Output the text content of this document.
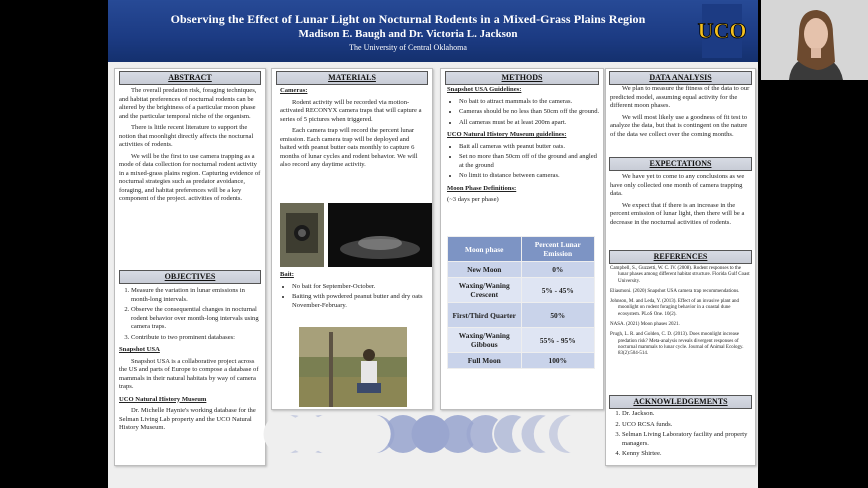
Observing the Effect of Lunar Light on Nocturnal Rodents in a Mixed-Grass Plains Region
Madison E. Baugh and Dr. Victoria L. Jackson
The University of Central Oklahoma
UCO
ABSTRACT

The overall predation risk, foraging techniques, and habitat preferences of nocturnal rodents can be altered by the brightness of a particular moon phase and the particular temporal niche of the organism.

There is little recent literature to support the notion that moonlight directly affects the nocturnal activities of rodents.

We will be the first to use camera trapping as a mode of data collection for nocturnal rodent activity in a mixed-grass plains region. Capturing evidence of nocturnal strategies such as predator avoidance, foraging, and habitat preferences will be a key component of the project. activities of rodents.

OBJECTIVES
1. Measure the variation in lunar emissions in month-long intervals.
2. Observe the consequential changes in nocturnal rodent behavior over month-long intervals using camera traps.
3. Contribute to two prominent databases:
Snapshot USA

Snapshot USA is a collaborative project across the US and parts of Europe to compose a database of mammals in their natural habitats by way of camera traps.

UCO Natural History Museum

Dr. Michelle Haynie's working database for the Selman Living Lab property and the UCO Natural History Museum.

MATERIALS
Cameras:

Rodent activity will be recorded via motion-activated RECONYX camera traps that will capture a series of 5 pictures when triggered.

Each camera trap will record the percent lunar emission. Each camera trap will be deployed and baited with peanut butter oats monthly to capture 6 months of lunar cycles and rodent behavior. We will also record any daytime activity.

Bait:
• No bait for September-October.
• Baiting with powdered peanut butter and dry oats November-February.
METHODS
Snapshot USA Guidelines:
• No bait to attract mammals to the cameras.
• Cameras should be no less than 50cm off the ground.
• All cameras must be at least 200m apart.
UCO Natural History Museum guidelines:
• Bait all cameras with peanut butter oats.
• Set no more than 50cm off of the ground and angled at the ground
• No limit to distance between cameras.
Moon Phase Definitions:
(~3 days per phase)
Moon phase	Percent Lunar Emission
New Moon	0%
Waxing/Waning Crescent	5% - 45%
First/Third Quarter	50%
Waxing/Waning Gibbous	55% - 95%
Full Moon	100%
DATA ANALYSIS

We plan to measure the fitness of the data to our predicted model, assuming equal activity for the different moon phases.

We will most likely use a goodness of fit test to analyze the data, but that is contingent on the nature of the data we collect over the coming months.

EXPECTATIONS

We have yet to come to any conclusions as we have only collected one month of camera trapping data.

We expect that if there is an increase in the percent emission of lunar light, then there will be a decrease in the nocturnal activities of rodents.

REFERENCES

Campbell, S., Guzzetti, W. C. IV. (2008). Rodent responses to the lunar phases among different habitat structure. Florida Gulf Coast University.

Eliasmoni. (2020) Snapshot USA camera trap recommendations.

Johnson, M. and Leda, Y. (2013). Effect of an invasive plant and moonlight on rodent foraging behavior in a coastal dune ecosystem. PLoS One. 10(2).

NASA. (2021) Moon phases 2021.

Prugh, L. R. and Golden, C. D. (2013). Does moonlight increase predation risk? Meta-analysis reveals divergent responses of nocturnal mammals to lunar cycle. Journal of Animal Ecology. 83(2):504-514.

ACKNOWLEDGEMENTS
1. Dr. Jackson.
2. UCO RCSA funds.
3. Selman Living Laboratory facility and property managers.
4. Kenny Shirtee.
